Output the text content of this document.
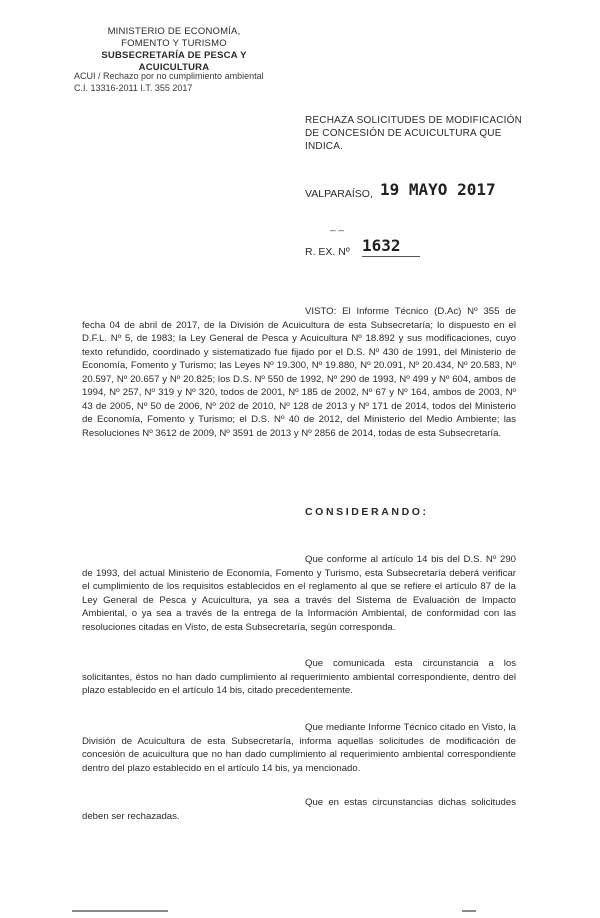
MINISTERIO DE ECONOMÍA,
FOMENTO Y TURISMO
SUBSECRETARÍA DE PESCA Y ACUICULTURA
ACUI / Rechazo por no cumplimiento ambiental
C.I. 13316-2011 I.T. 355 2017
RECHAZA SOLICITUDES DE MODIFICACIÓN DE CONCESIÓN DE ACUICULTURA QUE INDICA.
VALPARAÍSO, 19 MAYO 2017
_ _
R. EX. Nº 1632
VISTO: El Informe Técnico (D.Ac) Nº 355 de fecha 04 de abril de 2017, de la División de Acuicultura de esta Subsecretaría; lo dispuesto en el D.F.L. Nº 5, de 1983; la Ley General de Pesca y Acuicultura Nº 18.892 y sus modificaciones, cuyo texto refundido, coordinado y sistematizado fue fijado por el D.S. Nº 430 de 1991, del Ministerio de Economía, Fomento y Turismo; las Leyes Nº 19.300, Nº 19.880, Nº 20.091, Nº 20.434, Nº 20.583, Nº 20.597, Nº 20.657 y Nº 20.825; los D.S. Nº 550 de 1992, Nº 290 de 1993, Nº 499 y Nº 604, ambos de 1994, Nº 257, Nº 319 y Nº 320, todos de 2001, Nº 185 de 2002, Nº 67 y Nº 164, ambos de 2003, Nº 43 de 2005, Nº 50 de 2006, Nº 202 de 2010, Nº 128 de 2013 y Nº 171 de 2014, todos del Ministerio de Economía, Fomento y Turismo; el D.S. Nº 40 de 2012, del Ministerio del Medio Ambiente; las Resoluciones Nº 3612 de 2009, Nº 3591 de 2013 y Nº 2856 de 2014, todas de esta Subsecretaría.
CONSIDERANDO:
Que conforme al artículo 14 bis del D.S. Nº 290 de 1993, del actual Ministerio de Economía, Fomento y Turismo, esta Subsecretaría deberá verificar el cumplimiento de los requisitos establecidos en el reglamento al que se refiere el artículo 87 de la Ley General de Pesca y Acuicultura, ya sea a través del Sistema de Evaluación de Impacto Ambiental, o ya sea a través de la entrega de la Información Ambiental, de conformidad con las resoluciones citadas en Visto, de esta Subsecretaría, según corresponda.
Que comunicada esta circunstancia a los solicitantes, éstos no han dado cumplimiento al requerimiento ambiental correspondiente, dentro del plazo establecido en el artículo 14 bis, citado precedentemente.
Que mediante Informe Técnico citado en Visto, la División de Acuicultura de esta Subsecretaría, informa aquellas solicitudes de modificación de concesión de acuicultura que no han dado cumplimiento al requerimiento ambiental correspondiente dentro del plazo establecido en el artículo 14 bis, ya mencionado.
Que en estas circunstancias dichas solicitudes deben ser rechazadas.
